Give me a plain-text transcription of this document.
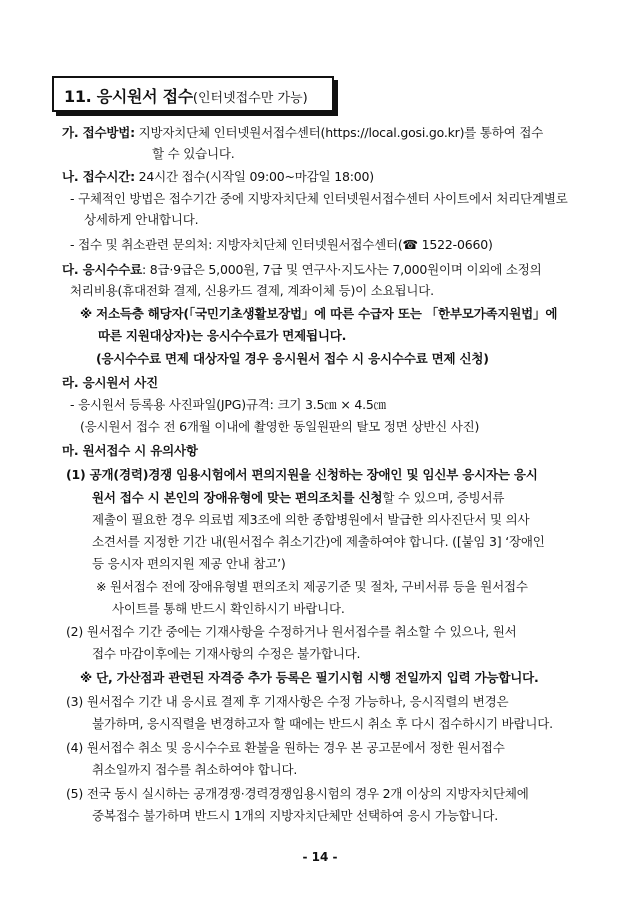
11. 응시원서 접수(인터넷접수만 가능)
가. 접수방법: 지방자치단체 인터넷원서접수센터(https://local.gosi.go.kr)를 통하여 접수
할 수 있습니다.
나. 접수시간: 24시간 접수(시작일 09:00~마감일 18:00)
- 구체적인 방법은 접수기간 중에 지방자치단체 인터넷원서접수센터 사이트에서 처리단계별로
상세하게 안내합니다.
- 접수 및 취소관련 문의처: 지방자치단체 인터넷원서접수센터(☎ 1522-0660)
다. 응시수수료: 8급·9급은 5,000원, 7급 및 연구사·지도사는 7,000원이며 이외에 소정의
처리비용(휴대전화 결제, 신용카드 결제, 계좌이체 등)이 소요됩니다.
※ 저소득층 해당자(「국민기초생활보장법」에 따른 수급자 또는 「한부모가족지원법」에
따른 지원대상자)는 응시수수료가 면제됩니다.
(응시수수료 면제 대상자일 경우 응시원서 접수 시 응시수수료 면제 신청)
라. 응시원서 사진
- 응시원서 등록용 사진파일(JPG)규격: 크기 3.5㎝ × 4.5㎝
(응시원서 접수 전 6개월 이내에 촬영한 동일원판의 탈모 정면 상반신 사진)
마. 원서접수 시 유의사항
(1) 공개(경력)경쟁 임용시험에서 편의지원을 신청하는 장애인 및 임신부 응시자는 응시
원서 접수 시 본인의 장애유형에 맞는 편의조치를 신청할 수 있으며, 증빙서류
제출이 필요한 경우 의료법 제3조에 의한 종합병원에서 발급한 의사진단서 및 의사
소견서를 지정한 기간 내(원서접수 취소기간)에 제출하여야 합니다. ([붙임 3] ‘장애인
등 응시자 편의지원 제공 안내 참고’)
※ 원서접수 전에 장애유형별 편의조치 제공기준 및 절차, 구비서류 등을 원서접수
사이트를 통해 반드시 확인하시기 바랍니다.
(2) 원서접수 기간 중에는 기재사항을 수정하거나 원서접수를 취소할 수 있으나, 원서
접수 마감이후에는 기재사항의 수정은 불가합니다.
※ 단, 가산점과 관련된 자격증 추가 등록은 필기시험 시행 전일까지 입력 가능합니다.
(3) 원서접수 기간 내 응시료 결제 후 기재사항은 수정 가능하나, 응시직렬의 변경은
불가하며, 응시직렬을 변경하고자 할 때에는 반드시 취소 후 다시 접수하시기 바랍니다.
(4) 원서접수 취소 및 응시수수료 환불을 원하는 경우 본 공고문에서 정한 원서접수
취소일까지 접수를 취소하여야 합니다.
(5) 전국 동시 실시하는 공개경쟁·경력경쟁임용시험의 경우 2개 이상의 지방자치단체에
중복접수 불가하며 반드시 1개의 지방자치단체만 선택하여 응시 가능합니다.
- 14 -
